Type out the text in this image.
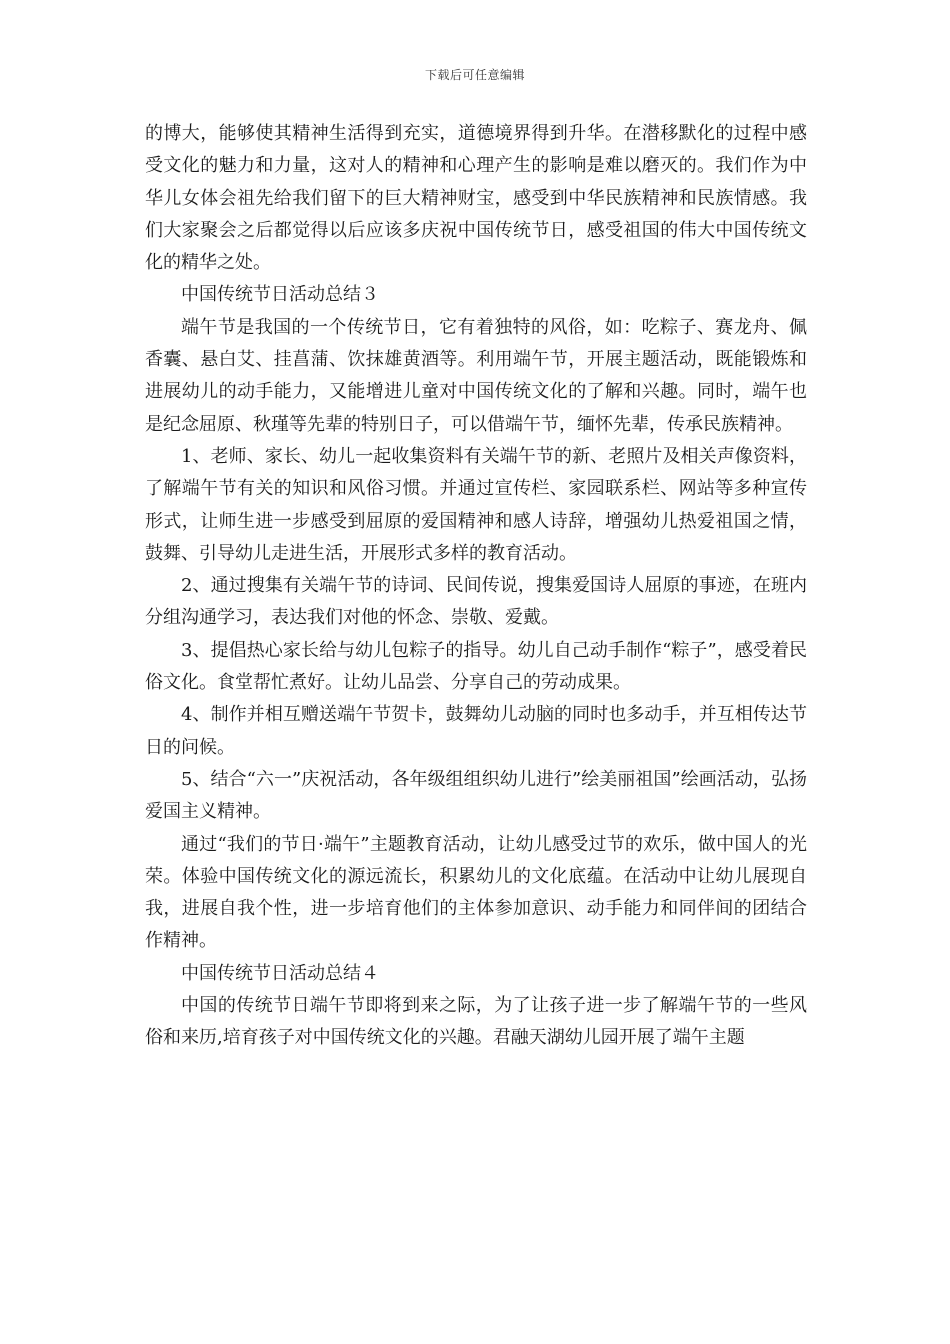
下载后可任意编辑

的博大，能够使其精神生活得到充实，道德境界得到升华。在潜移默化的过程中感受文化的魅力和力量，这对人的精神和心理产生的影响是难以磨灭的。我们作为中华儿女体会祖先给我们留下的巨大精神财宝，感受到中华民族精神和民族情感。我们大家聚会之后都觉得以后应该多庆祝中国传统节日，感受祖国的伟大中国传统文化的精华之处。

中国传统节日活动总结３

端午节是我国的一个传统节日，它有着独特的风俗，如：吃粽子、赛龙舟、佩香囊、悬白艾、挂菖蒲、饮抹雄黄酒等。利用端午节，开展主题活动，既能锻炼和进展幼儿的动手能力，又能增进儿童对中国传统文化的了解和兴趣。同时，端午也是纪念屈原、秋瑾等先辈的特别日子，可以借端午节，缅怀先辈，传承民族精神。

1、老师、家长、幼儿一起收集资料有关端午节的新、老照片及相关声像资料，了解端午节有关的知识和风俗习惯。并通过宣传栏、家园联系栏、网站等多种宣传形式，让师生进一步感受到屈原的爱国精神和感人诗辞，增强幼儿热爱祖国之情，鼓舞、引导幼儿走进生活，开展形式多样的教育活动。

2、通过搜集有关端午节的诗词、民间传说，搜集爱国诗人屈原的事迹，在班内分组沟通学习，表达我们对他的怀念、崇敬、爱戴。

3、提倡热心家长给与幼儿包粽子的指导。幼儿自己动手制作“粽子”，感受着民俗文化。食堂帮忙煮好。让幼儿品尝、分享自己的劳动成果。

4、制作并相互赠送端午节贺卡，鼓舞幼儿动脑的同时也多动手，并互相传达节日的问候。

5、结合“六一”庆祝活动，各年级组组织幼儿进行”绘美丽祖国”绘画活动，弘扬爱国主义精神。

通过“我们的节日·端午”主题教育活动，让幼儿感受过节的欢乐，做中国人的光荣。体验中国传统文化的源远流长，积累幼儿的文化底蕴。在活动中让幼儿展现自我，进展自我个性，进一步培育他们的主体参加意识、动手能力和同伴间的团结合作精神。

中国传统节日活动总结４

中国的传统节日端午节即将到来之际，为了让孩子进一步了解端午节的一些风俗和来历,培育孩子对中国传统文化的兴趣。君融天湖幼儿园开展了端午主题
